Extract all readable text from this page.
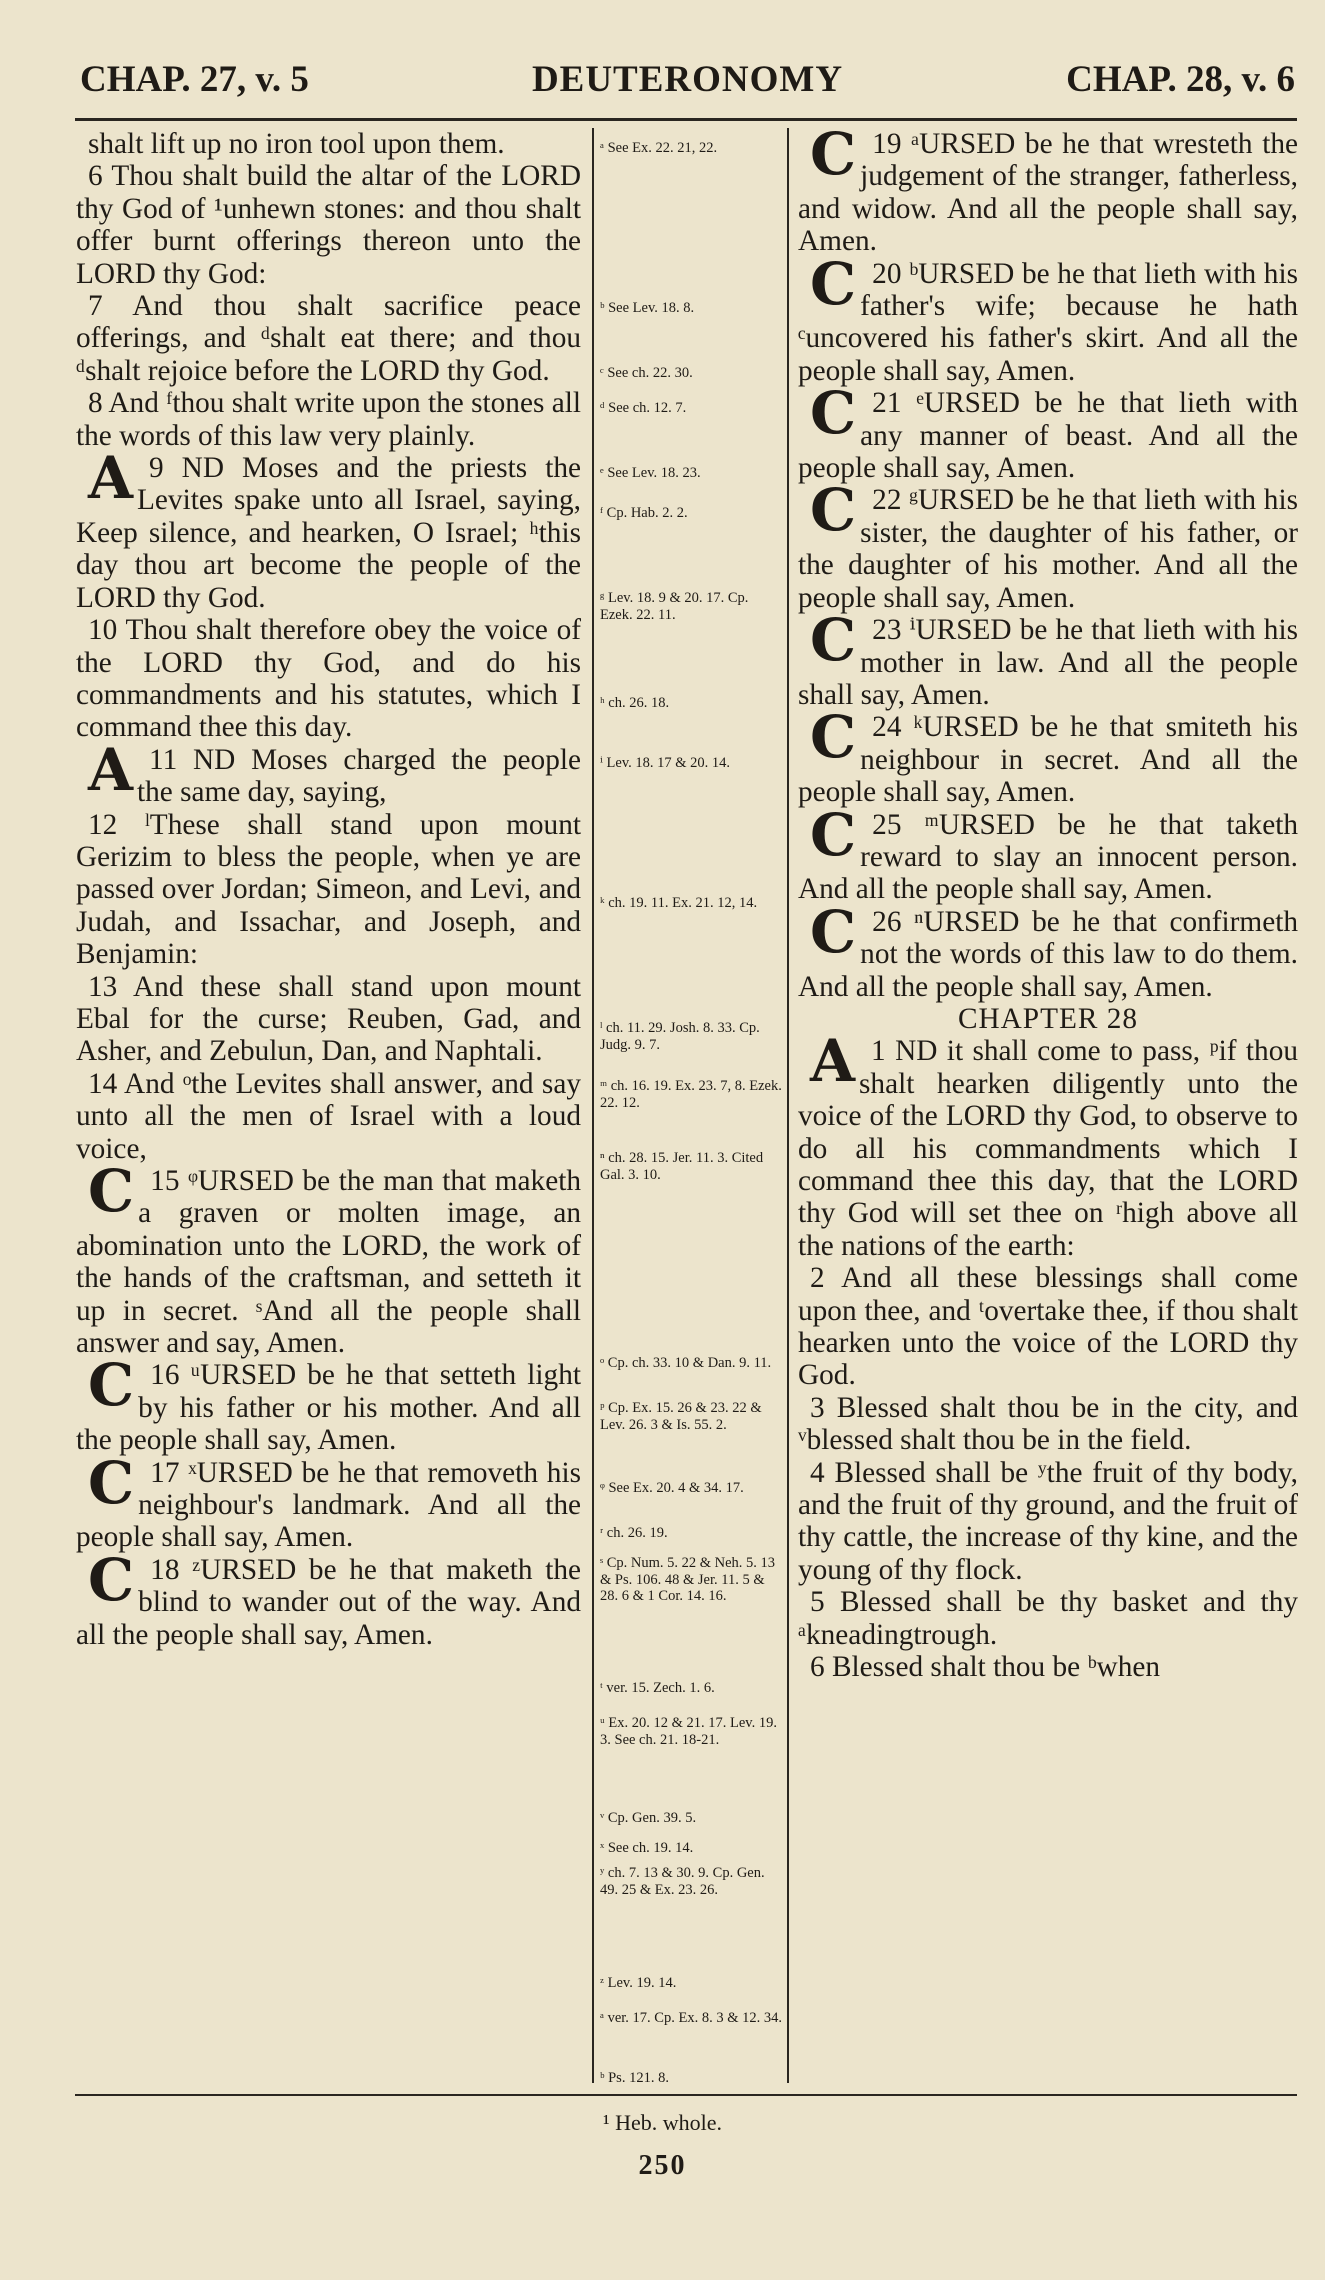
CHAP. 27, v. 5	DEUTERONOMY	CHAP. 28, v. 6

shalt lift up no iron tool upon them.

6 Thou shalt build the altar of the LORD thy God of ¹unhewn stones: and thou shalt offer burnt offerings thereon unto the LORD thy God:

7 And thou shalt sacrifice peace offerings, and ᵈshalt eat there; and thou ᵈshalt rejoice before the LORD thy God.

8 And ᶠthou shalt write upon the stones all the words of this law very plainly.

A 9 ND Moses and the priests the Levites spake unto all Israel, saying, Keep silence, and hearken, O Israel; ʰthis day thou art become the people of the LORD thy God.

10 Thou shalt therefore obey the voice of the LORD thy God, and do his commandments and his statutes, which I command thee this day.

A 11 ND Moses charged the people the same day, saying,

12 ˡThese shall stand upon mount Gerizim to bless the people, when ye are passed over Jordan; Simeon, and Levi, and Judah, and Issachar, and Joseph, and Benjamin:

13 And these shall stand upon mount Ebal for the curse; Reuben, Gad, and Asher, and Zebulun, Dan, and Naphtali.

14 And ᵒthe Levites shall answer, and say unto all the men of Israel with a loud voice,

C 15 ᵠURSED be the man that maketh a graven or molten image, an abomination unto the LORD, the work of the hands of the craftsman, and setteth it up in secret. ˢAnd all the people shall answer and say, Amen.

C 16 ᵘURSED be he that setteth light by his father or his mother. And all the people shall say, Amen.

C 17 ˣURSED be he that removeth his neighbour's landmark. And all the people shall say, Amen.

C 18 ᶻURSED be he that maketh the blind to wander out of the way. And all the people shall say, Amen.

ᵃ See Ex. 22. 21, 22.

ᵇ See Lev. 18. 8.

ᶜ See ch. 22. 30.

ᵈ See ch. 12. 7.

ᵉ See Lev. 18. 23.

ᶠ Cp. Hab. 2. 2.

ᵍ Lev. 18. 9 & 20. 17. Cp. Ezek. 22. 11.

ʰ ch. 26. 18.

ⁱ Lev. 18. 17 & 20. 14.

ᵏ ch. 19. 11. Ex. 21. 12, 14.

ˡ ch. 11. 29. Josh. 8. 33. Cp. Judg. 9. 7.

ᵐ ch. 16. 19. Ex. 23. 7, 8. Ezek. 22. 12.

ⁿ ch. 28. 15. Jer. 11. 3. Cited Gal. 3. 10.

ᵒ Cp. ch. 33. 10 & Dan. 9. 11.

ᵖ Cp. Ex. 15. 26 & 23. 22 & Lev. 26. 3 & Is. 55. 2.

ᵠ See Ex. 20. 4 & 34. 17.

ʳ ch. 26. 19.

ˢ Cp. Num. 5. 22 & Neh. 5. 13 & Ps. 106. 48 & Jer. 11. 5 & 28. 6 & 1 Cor. 14. 16.

ᵗ ver. 15. Zech. 1. 6.

ᵘ Ex. 20. 12 & 21. 17. Lev. 19. 3. See ch. 21. 18-21.

ᵛ Cp. Gen. 39. 5.

ˣ See ch. 19. 14.

ʸ ch. 7. 13 & 30. 9. Cp. Gen. 49. 25 & Ex. 23. 26.

ᶻ Lev. 19. 14.

ᵃ ver. 17. Cp. Ex. 8. 3 & 12. 34.

ᵇ Ps. 121. 8.

C 19 ᵃURSED be he that wresteth the judgement of the stranger, fatherless, and widow. And all the people shall say, Amen.

C 20 ᵇURSED be he that lieth with his father's wife; because he hath ᶜuncovered his father's skirt. And all the people shall say, Amen.

C 21 ᵉURSED be he that lieth with any manner of beast. And all the people shall say, Amen.

C 22 ᵍURSED be he that lieth with his sister, the daughter of his father, or the daughter of his mother. And all the people shall say, Amen.

C 23 ⁱURSED be he that lieth with his mother in law. And all the people shall say, Amen.

C 24 ᵏURSED be he that smiteth his neighbour in secret. And all the people shall say, Amen.

C 25 ᵐURSED be he that taketh reward to slay an innocent person. And all the people shall say, Amen.

C 26 ⁿURSED be he that confirmeth not the words of this law to do them. And all the people shall say, Amen.

CHAPTER 28

A 1 ND it shall come to pass, ᵖif thou shalt hearken diligently unto the voice of the LORD thy God, to observe to do all his commandments which I command thee this day, that the LORD thy God will set thee on ʳhigh above all the nations of the earth:

2 And all these blessings shall come upon thee, and ᵗovertake thee, if thou shalt hearken unto the voice of the LORD thy God.

3 Blessed shalt thou be in the city, and ᵛblessed shalt thou be in the field.

4 Blessed shall be ʸthe fruit of thy body, and the fruit of thy ground, and the fruit of thy cattle, the increase of thy kine, and the young of thy flock.

5 Blessed shall be thy basket and thy ᵃkneadingtrough.

6 Blessed shalt thou be ᵇwhen

¹ Heb. whole.
250
